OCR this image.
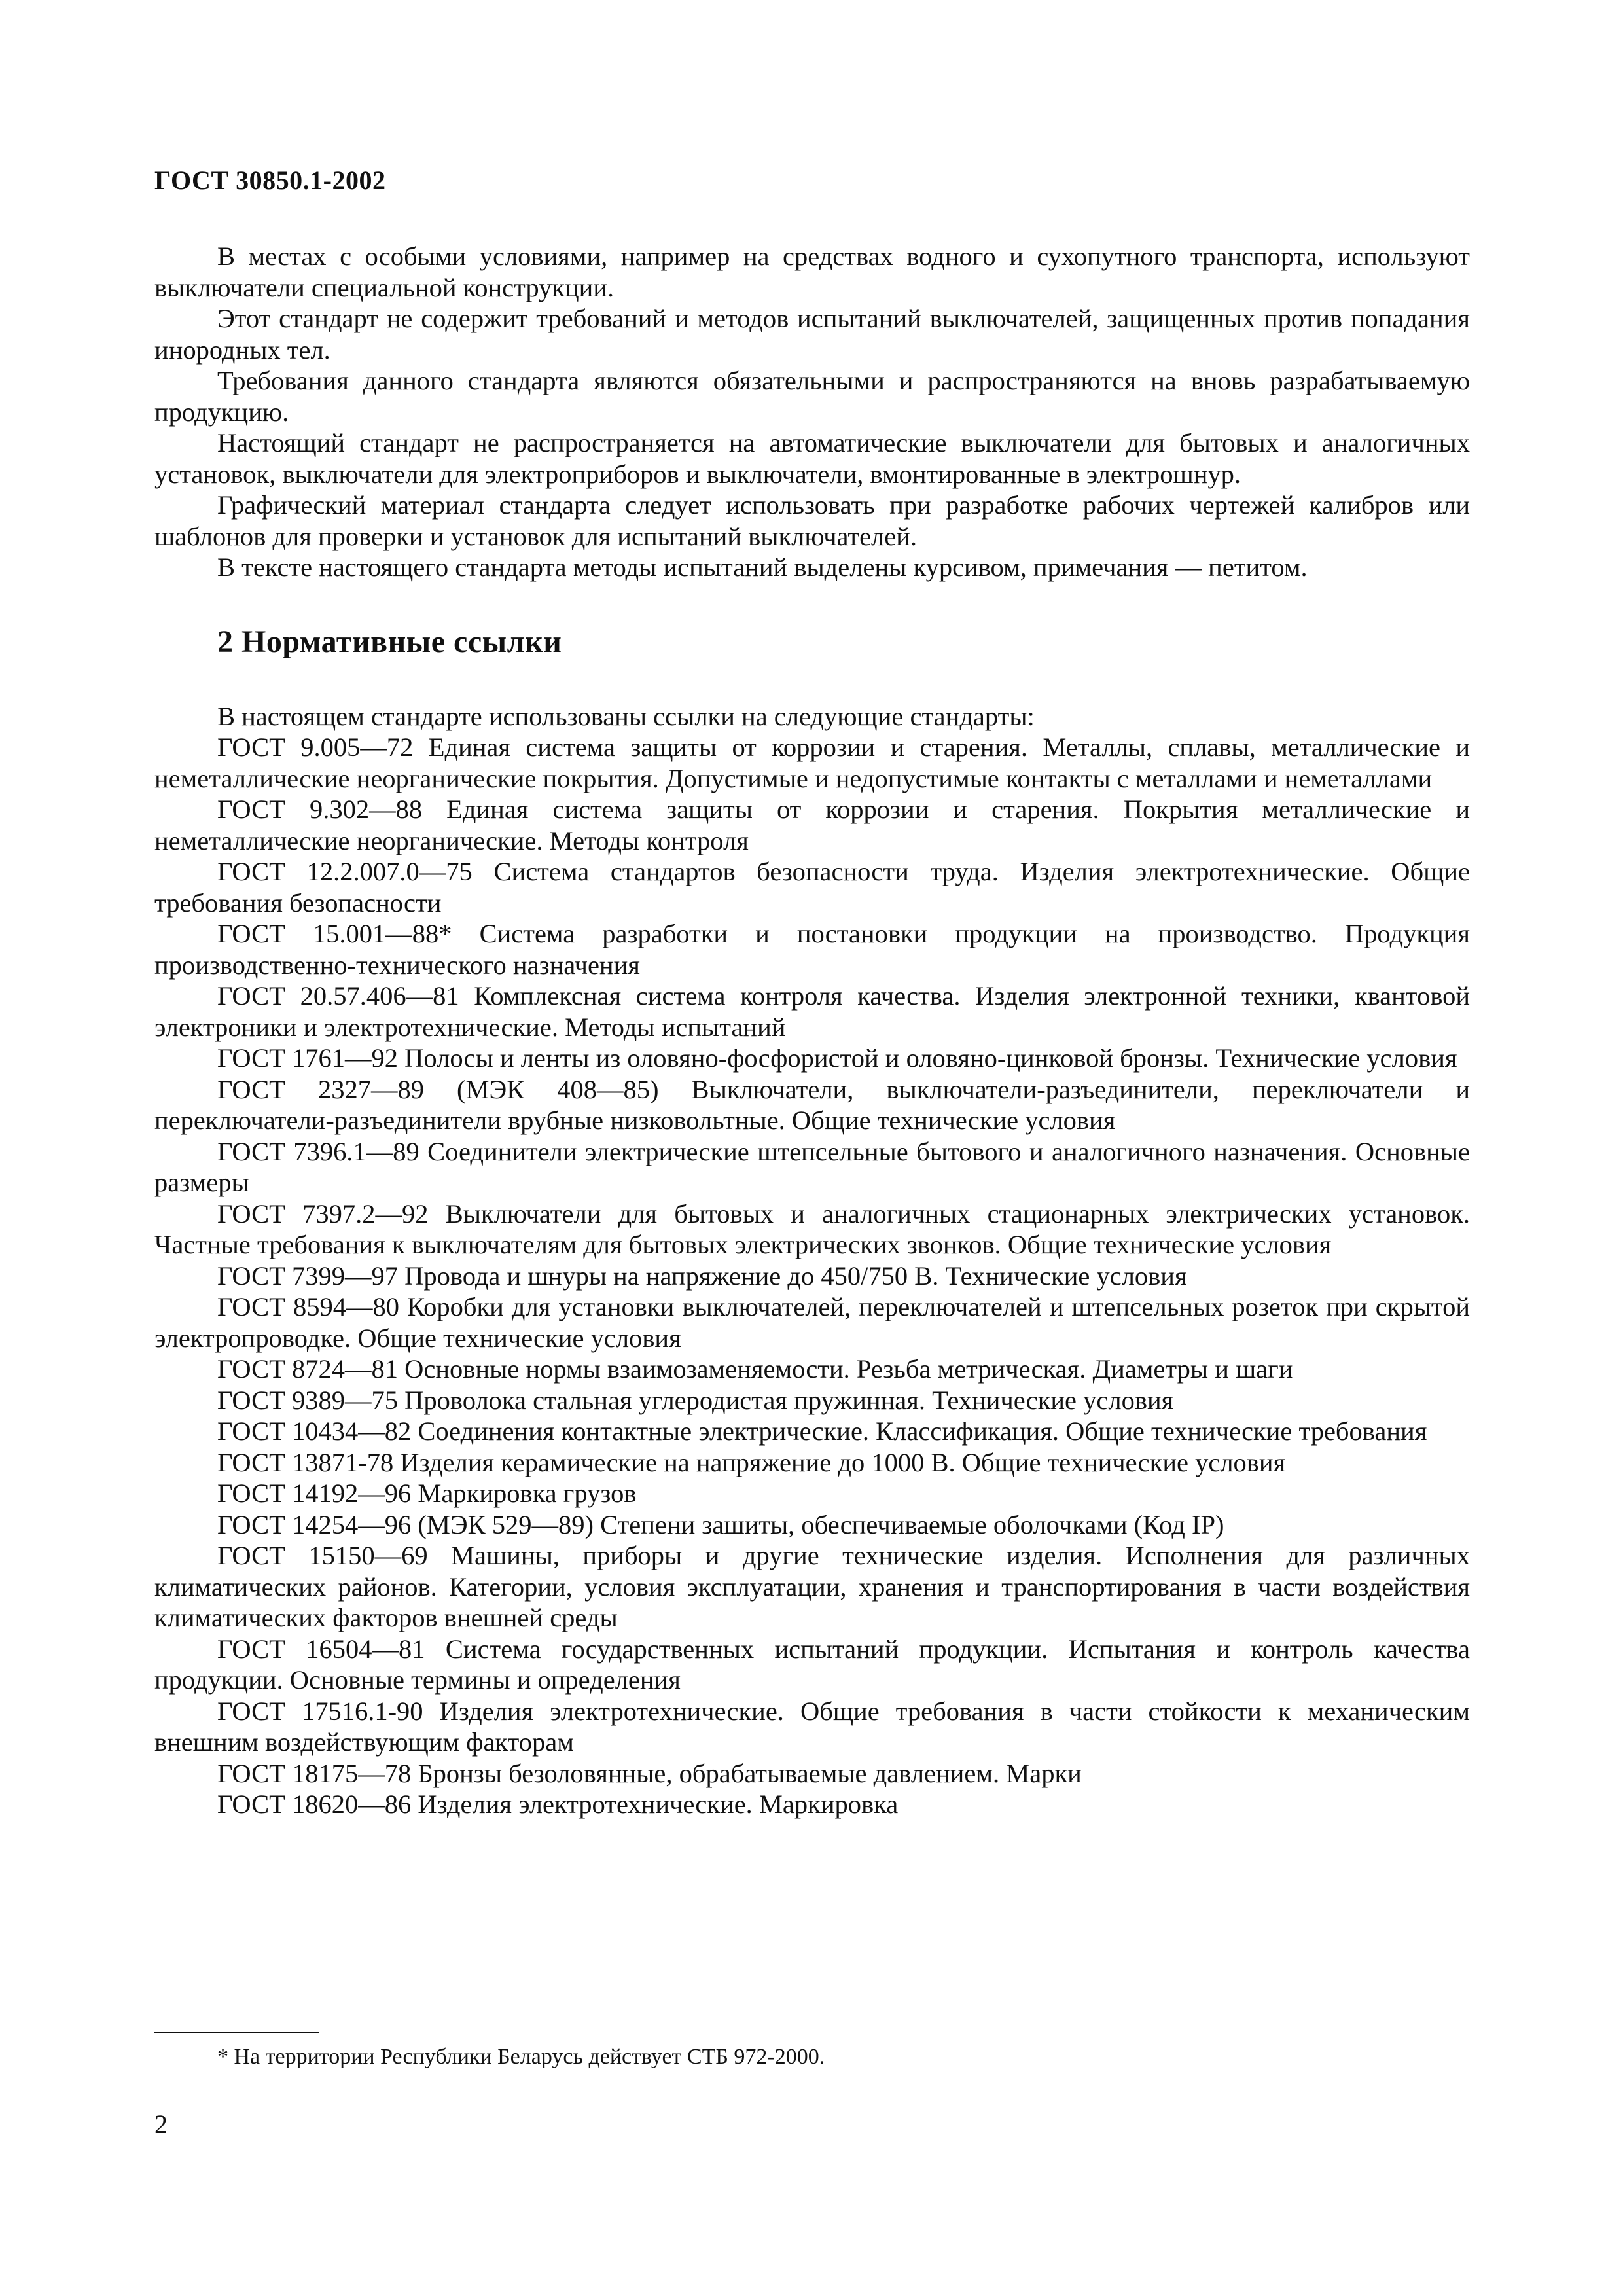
ГОСТ 30850.1-2002

В местах с особыми условиями, например на средствах водного и сухопутного транспорта, используют выключатели специальной конструкции.

Этот стандарт не содержит требований и методов испытаний выключателей, защищенных против попадания инородных тел.

Требования данного стандарта являются обязательными и распространяются на вновь разрабатываемую продукцию.

Настоящий стандарт не распространяется на автоматические выключатели для бытовых и аналогичных установок, выключатели для электроприборов и выключатели, вмонтированные в электрошнур.

Графический материал стандарта следует использовать при разработке рабочих чертежей калибров или шаблонов для проверки и установок для испытаний выключателей.

В тексте настоящего стандарта методы испытаний выделены курсивом, примечания — петитом.

2 Нормативные ссылки

В настоящем стандарте использованы ссылки на следующие стандарты:

ГОСТ 9.005—72 Единая система защиты от коррозии и старения. Металлы, сплавы, металлические и неметаллические неорганические покрытия. Допустимые и недопустимые контакты с металлами и неметаллами

ГОСТ 9.302—88 Единая система защиты от коррозии и старения. Покрытия металлические и неметаллические неорганические. Методы контроля

ГОСТ 12.2.007.0—75 Система стандартов безопасности труда. Изделия электротехнические. Общие требования безопасности

ГОСТ 15.001—88* Система разработки и постановки продукции на производство. Продукция производственно-технического назначения

ГОСТ 20.57.406—81 Комплексная система контроля качества. Изделия электронной техники, квантовой электроники и электротехнические. Методы испытаний

ГОСТ 1761—92 Полосы и ленты из оловяно-фосфористой и оловяно-цинковой бронзы. Технические условия

ГОСТ 2327—89 (МЭК 408—85) Выключатели, выключатели-разъединители, переключатели и переключатели-разъединители врубные низковольтные. Общие технические условия

ГОСТ 7396.1—89 Соединители электрические штепсельные бытового и аналогичного назначения. Основные размеры

ГОСТ 7397.2—92 Выключатели для бытовых и аналогичных стационарных электрических установок. Частные требования к выключателям для бытовых электрических звонков. Общие технические условия

ГОСТ 7399—97 Провода и шнуры на напряжение до 450/750 В. Технические условия

ГОСТ 8594—80 Коробки для установки выключателей, переключателей и штепсельных розеток при скрытой электропроводке. Общие технические условия

ГОСТ 8724—81 Основные нормы взаимозаменяемости. Резьба метрическая. Диаметры и шаги

ГОСТ 9389—75 Проволока стальная углеродистая пружинная. Технические условия

ГОСТ 10434—82 Соединения контактные электрические. Классификация. Общие технические требования

ГОСТ 13871-78 Изделия керамические на напряжение до 1000 В. Общие технические условия

ГОСТ 14192—96 Маркировка грузов

ГОСТ 14254—96 (МЭК 529—89) Степени зашиты, обеспечиваемые оболочками (Код IP)

ГОСТ 15150—69 Машины, приборы и другие технические изделия. Исполнения для различных климатических районов. Категории, условия эксплуатации, хранения и транспортирования в части воздействия климатических факторов внешней среды

ГОСТ 16504—81 Система государственных испытаний продукции. Испытания и контроль качества продукции. Основные термины и определения

ГОСТ 17516.1-90 Изделия электротехнические. Общие требования в части стойкости к механическим внешним воздействующим факторам

ГОСТ 18175—78 Бронзы безоловянные, обрабатываемые давлением. Марки

ГОСТ 18620—86 Изделия электротехнические. Маркировка

* На территории Республики Беларусь действует СТБ 972-2000.
2
